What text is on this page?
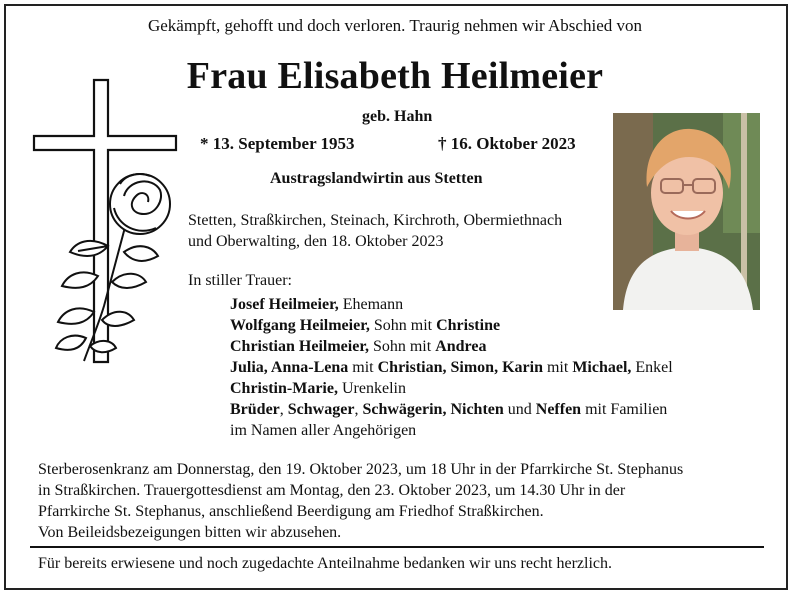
Gekämpft, gehofft und doch verloren. Traurig nehmen wir Abschied von
Frau Elisabeth Heilmeier
geb. Hahn
* 13. September 1953	† 16. Oktober 2023
Austragslandwirtin aus Stetten
Stetten, Straßkirchen, Steinach, Kirchroth, Obermiethnach
und Oberwalting, den 18. Oktober 2023
In stiller Trauer:
Josef Heilmeier, Ehemann
Wolfgang Heilmeier, Sohn mit Christine
Christian Heilmeier, Sohn mit Andrea
Julia, Anna-Lena mit Christian, Simon, Karin mit Michael, Enkel
Christin-Marie, Urenkelin
Brüder, Schwager, Schwägerin, Nichten und Neffen mit Familien
im Namen aller Angehörigen
Sterberosenkranz am Donnerstag, den 19. Oktober 2023, um 18 Uhr in der Pfarrkirche St. Stephanus
in Straßkirchen. Trauergottesdienst am Montag, den 23. Oktober 2023, um 14.30 Uhr in der
Pfarrkirche St. Stephanus, anschließend Beerdigung am Friedhof Straßkirchen.
Von Beileidsbezeigungen bitten wir abzusehen.
Für bereits erwiesene und noch zugedachte Anteilnahme bedanken wir uns recht herzlich.
